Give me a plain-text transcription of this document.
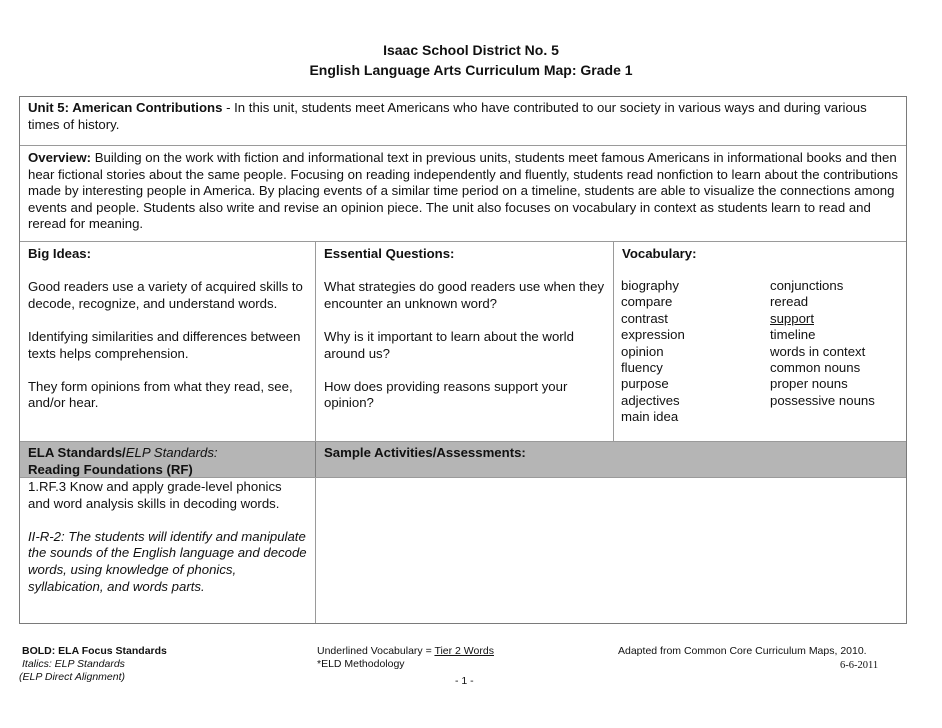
Isaac School District No. 5
English Language Arts Curriculum Map: Grade 1
Unit 5: American Contributions - In this unit, students meet Americans who have contributed to our society in various ways and during various times of history.
Overview: Building on the work with fiction and informational text in previous units, students meet famous Americans in informational books and then hear fictional stories about the same people. Focusing on reading independently and fluently, students read nonfiction to learn about the contributions made by interesting people in America. By placing events of a similar time period on a timeline, students are able to visualize the connections among events and people. Students also write and revise an opinion piece. The unit also focuses on vocabulary in context as students learn to read and reread for meaning.
Big Ideas:
Good readers use a variety of acquired skills to decode, recognize, and understand words.
Identifying similarities and differences between texts helps comprehension.
They form opinions from what they read, see, and/or hear.
Essential Questions:
What strategies do good readers use when they encounter an unknown word?
Why is it important to learn about the world around us?
How does providing reasons support your opinion?
Vocabulary:
biography
compare
contrast
expression
opinion
fluency
purpose
adjectives
main idea
conjunctions
reread
support
timeline
words in context
common nouns
proper nouns
possessive nouns
ELA Standards/ELP Standards:
Reading Foundations (RF)
Sample Activities/Assessments:
1.RF.3 Know and apply grade-level phonics and word analysis skills in decoding words.
II-R-2: The students will identify and manipulate the sounds of the English language and decode words, using knowledge of phonics, syllabication, and words parts.
BOLD: ELA Focus Standards
Italics: ELP Standards
(ELP Direct Alignment)
Underlined Vocabulary = Tier 2 Words
*ELD Methodology
Adapted from Common Core Curriculum Maps, 2010.
6-6-2011
- 1 -
